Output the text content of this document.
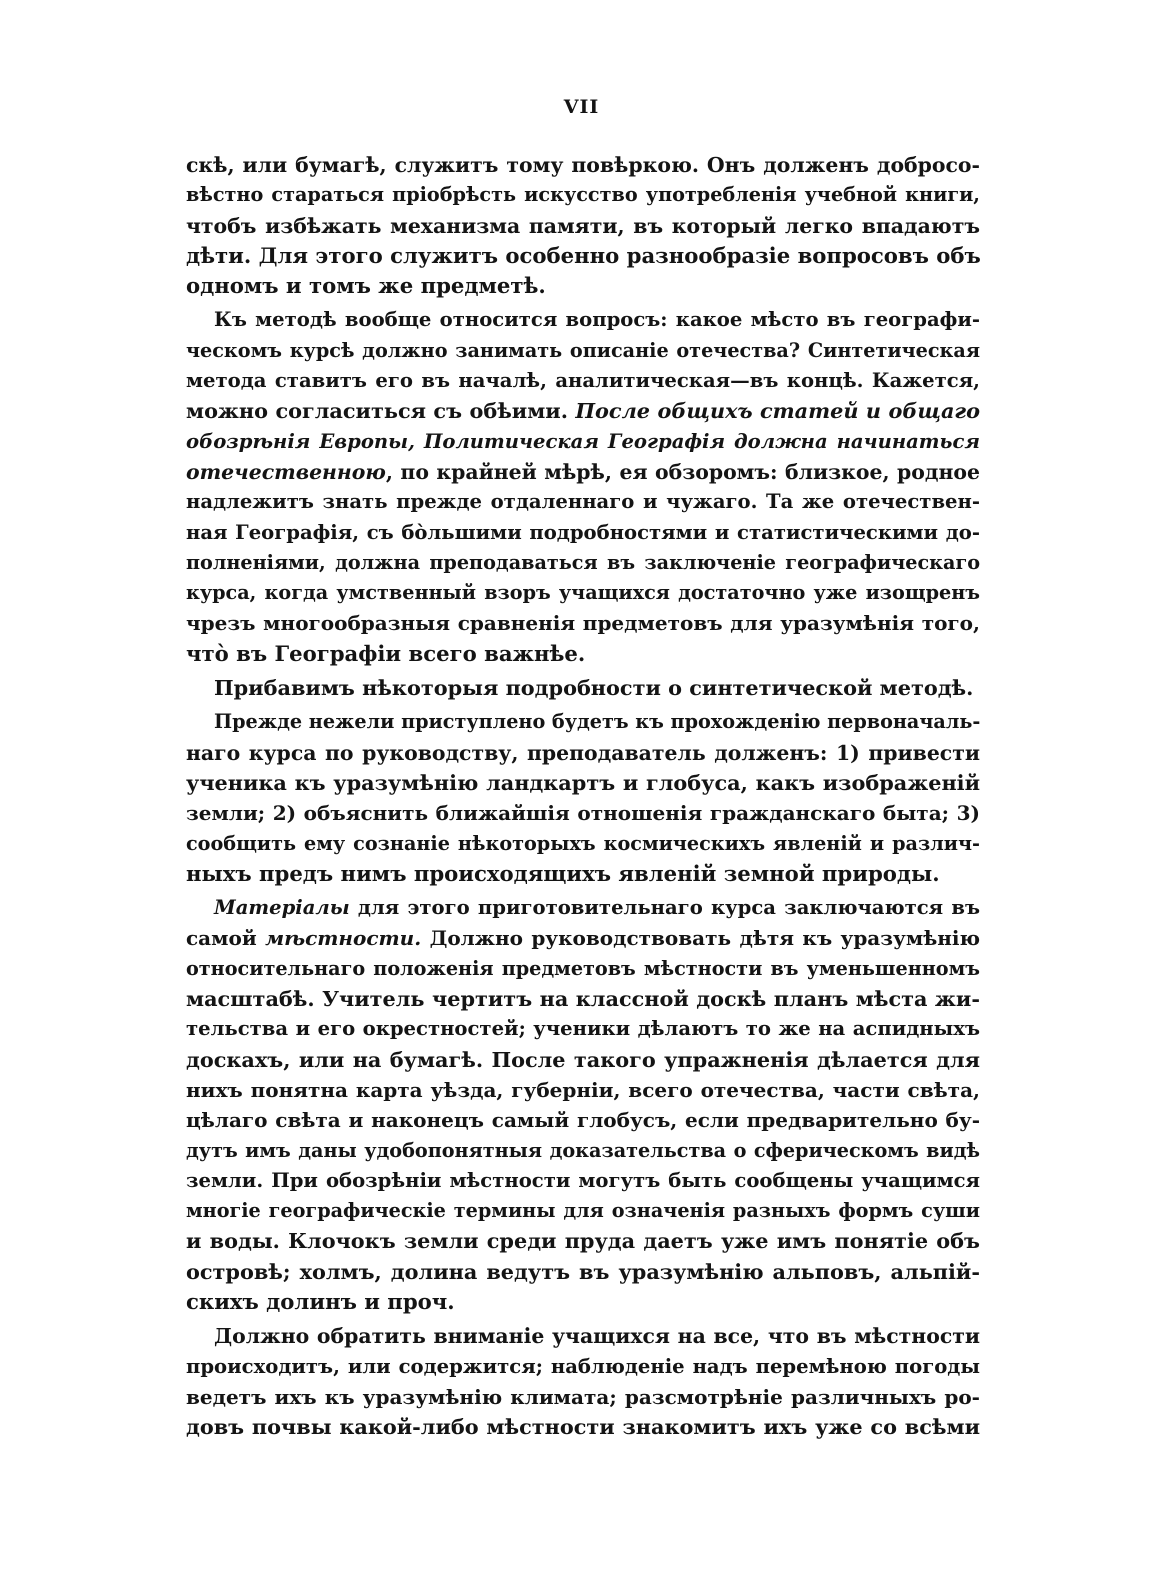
VII
скѣ, или бумагѣ, служитъ тому повѣркою. Онъ долженъ добросо-
вѣстно стараться пріобрѣсть искусство употребленія учебной книги,
чтобъ избѣжать механизма памяти, въ который легко впадаютъ
дѣти. Для этого служитъ особенно разнообразіе вопросовъ объ
одномъ и томъ же предметѣ.
Къ методѣ вообще относится вопросъ: какое мѣсто въ географи-
ческомъ курсѣ должно занимать описаніе отечества? Синтетическая
метода ставитъ его въ началѣ, аналитическая—въ концѣ. Кажется,
можно согласиться съ обѣими. После общихъ статей и общаго
обозрѣнія Европы, Политическая Географія должна начинаться
отечественною, по крайней мѣрѣ, ея обзоромъ: близкое, родное
надлежитъ знать прежде отдаленнаго и чужаго. Та же отечествен-
ная Географія, съ бо̀льшими подробностями и статистическими до-
полненіями, должна преподаваться въ заключеніе географическаго
курса, когда умственный взоръ учащихся достаточно уже изощренъ
чрезъ многообразныя сравненія предметовъ для уразумѣнія того,
что̀ въ Географіи всего важнѣе.
Прибавимъ нѣкоторыя подробности о синтетической методѣ.
Прежде нежели приступлено будетъ къ прохожденію первоначаль-
наго курса по руководству, преподаватель долженъ: 1) привести
ученика къ уразумѣнію ландкартъ и глобуса, какъ изображеній
земли; 2) объяснить ближайшія отношенія гражданскаго быта; 3)
сообщить ему сознаніе нѣкоторыхъ космическихъ явленій и различ-
ныхъ предъ нимъ происходящихъ явленій земной природы.
Матеріалы для этого приготовительнаго курса заключаются въ
самой мѣстности. Должно руководствовать дѣтя къ уразумѣнію
относительнаго положенія предметовъ мѣстности въ уменьшенномъ
масштабѣ. Учитель чертитъ на классной доскѣ планъ мѣста жи-
тельства и его окрестностей; ученики дѣлаютъ то же на аспидныхъ
доскахъ, или на бумагѣ. После такого упражненія дѣлается для
нихъ понятна карта уѣзда, губерніи, всего отечества, части свѣта,
цѣлаго свѣта и наконецъ самый глобусъ, если предварительно бу-
дутъ имъ даны удобопонятныя доказательства о сферическомъ видѣ
земли. При обозрѣніи мѣстности могутъ быть сообщены учащимся
многіе географическіе термины для означенія разныхъ формъ суши
и воды. Клочокъ земли среди пруда даетъ уже имъ понятіе объ
островѣ; холмъ, долина ведутъ въ уразумѣнію альповъ, альпій-
скихъ долинъ и проч.
Должно обратить вниманіе учащихся на все, что въ мѣстности
происходитъ, или содержится; наблюденіе надъ перемѣною погоды
ведетъ ихъ къ уразумѣнію климата; разсмотрѣніе различныхъ ро-
довъ почвы какой-либо мѣстности знакомитъ ихъ уже со всѣми
